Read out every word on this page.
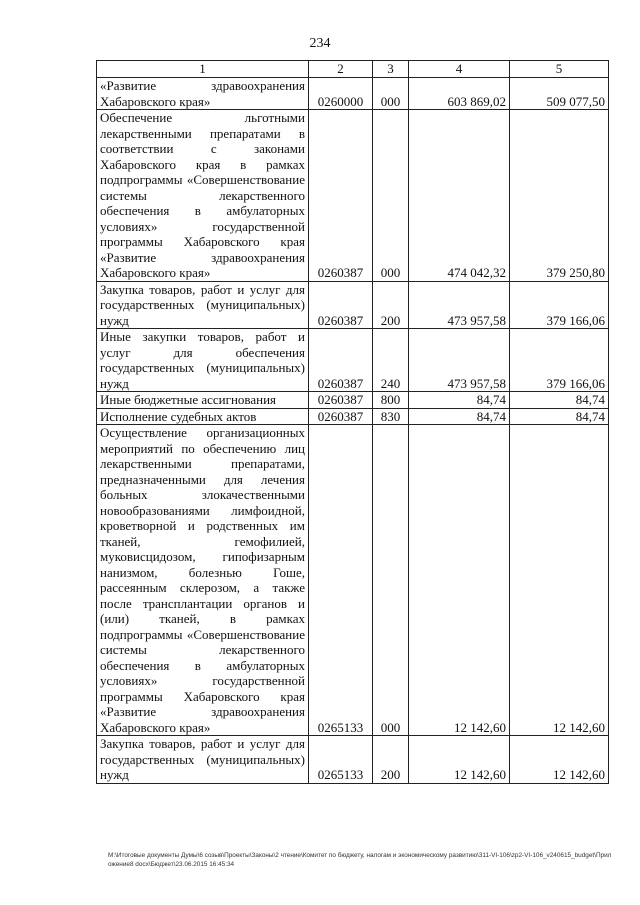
234
1	2	3	4	5
«Развитие здравоохранения Хабаровского края»	0260000	000	603 869,02	509 077,50
Обеспечение льготными лекарственными препаратами в соответствии с законами Хабаровского края в рамках подпрограммы «Совершенствование системы лекарственного обеспечения в амбулаторных условиях» государственной программы Хабаровского края «Развитие здравоохранения Хабаровского края»	0260387	000	474 042,32	379 250,80
Закупка товаров, работ и услуг для государственных (муниципальных) нужд	0260387	200	473 957,58	379 166,06
Иные закупки товаров, работ и услуг для обеспечения государственных (муниципальных) нужд	0260387	240	473 957,58	379 166,06
Иные бюджетные ассигнования	0260387	800	84,74	84,74
Исполнение судебных актов	0260387	830	84,74	84,74
Осуществление организационных мероприятий по обеспечению лиц лекарственными препаратами, предназначенными для лечения больных злокачественными новообразованиями лимфоидной, кроветворной и родственных им тканей, гемофилией, муковисцидозом, гипофизарным нанизмом, болезнью Гоше, рассеянным склерозом, а также после трансплантации органов и (или) тканей, в рамках подпрограммы «Совершенствование системы лекарственного обеспечения в амбулаторных условиях» государственной программы Хабаровского края «Развитие здравоохранения Хабаровского края»	0265133	000	12 142,60	12 142,60
Закупка товаров, работ и услуг для государственных (муниципальных) нужд	0265133	200	12 142,60	12 142,60
M:\Итоговые документы Думы\6 созыв\Проекты\Законы\2 чтение\Комитет по бюджету, налогам и экономическому развитию\311-VI-106\zp2-VI-106_v240615_budget\Приложение8 docx\Бюджет\23.06.2015 16:45:34
